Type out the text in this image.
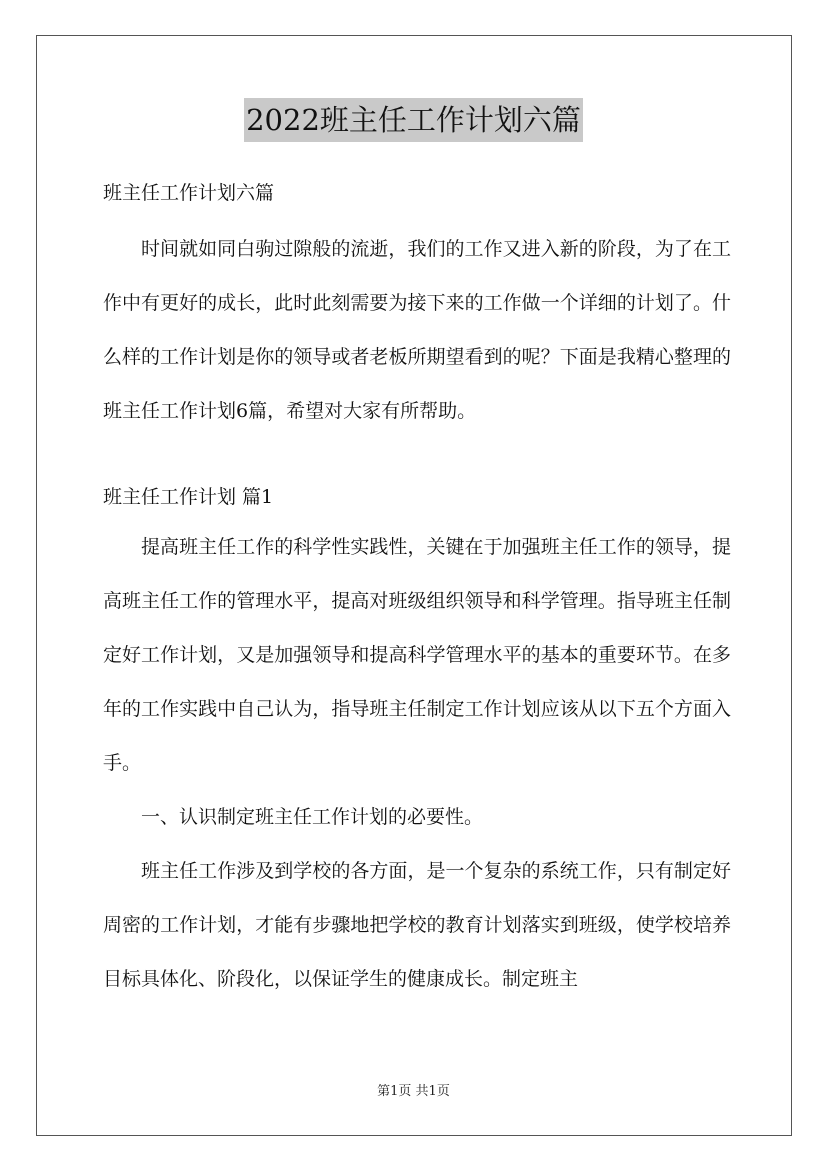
2022班主任工作计划六篇
班主任工作计划六篇

时间就如同白驹过隙般的流逝，我们的工作又进入新的阶段，为了在工作中有更好的成长，此时此刻需要为接下来的工作做一个详细的计划了。什么样的工作计划是你的领导或者老板所期望看到的呢？下面是我精心整理的班主任工作计划6篇，希望对大家有所帮助。

班主任工作计划 篇1

提高班主任工作的科学性实践性，关键在于加强班主任工作的领导，提高班主任工作的管理水平，提高对班级组织领导和科学管理。指导班主任制定好工作计划，又是加强领导和提高科学管理水平的基本的重要环节。在多年的工作实践中自己认为，指导班主任制定工作计划应该从以下五个方面入手。

一、认识制定班主任工作计划的必要性。

班主任工作涉及到学校的各方面，是一个复杂的系统工作，只有制定好周密的工作计划，才能有步骤地把学校的教育计划落实到班级，使学校培养目标具体化、阶段化，以保证学生的健康成长。制定班主

第1页 共1页
